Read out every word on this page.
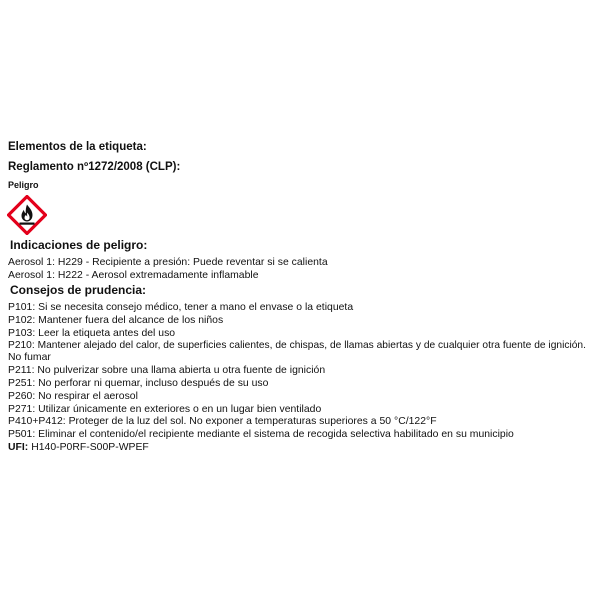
Elementos de la etiqueta:
Reglamento nº1272/2008 (CLP):
Peligro
Indicaciones de peligro:
Aerosol 1: H229 - Recipiente a presión: Puede reventar si se calienta
Aerosol 1: H222 - Aerosol extremadamente inflamable
Consejos de prudencia:
P101: Si se necesita consejo médico, tener a mano el envase o la etiqueta
P102: Mantener fuera del alcance de los niños
P103: Leer la etiqueta antes del uso
P210: Mantener alejado del calor, de superficies calientes, de chispas, de llamas abiertas y de cualquier otra fuente de ignición.
No fumar
P211: No pulverizar sobre una llama abierta u otra fuente de ignición
P251: No perforar ni quemar, incluso después de su uso
P260: No respirar el aerosol
P271: Utilizar únicamente en exteriores o en un lugar bien ventilado
P410+P412: Proteger de la luz del sol. No exponer a temperaturas superiores a 50 °C/122°F
P501: Eliminar el contenido/el recipiente mediante el sistema de recogida selectiva habilitado en su municipio
UFI: H140-P0RF-S00P-WPEF
